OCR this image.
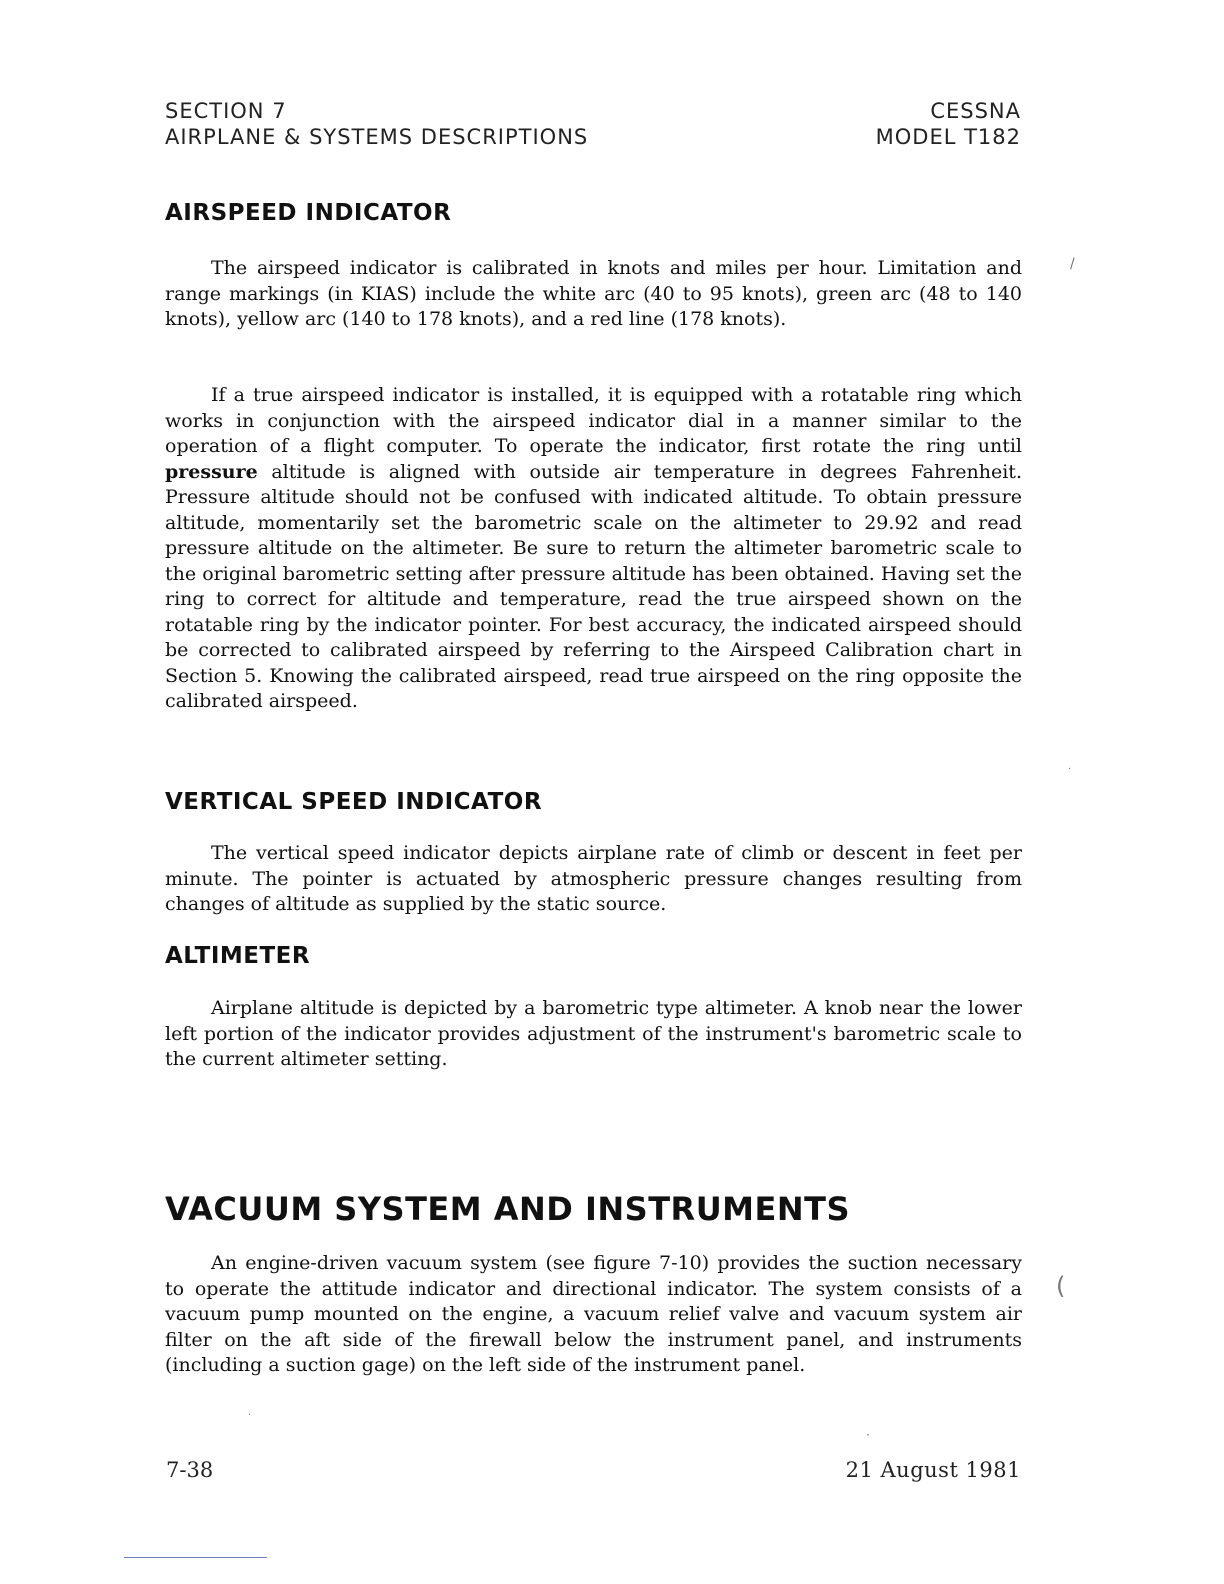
SECTION 7
AIRPLANE & SYSTEMS DESCRIPTIONS
CESSNA
MODEL T182
AIRSPEED INDICATOR

The airspeed indicator is calibrated in knots and miles per hour. Limitation and range markings (in KIAS) include the white arc (40 to 95 knots), green arc (48 to 140 knots), yellow arc (140 to 178 knots), and a red line (178 knots).

If a true airspeed indicator is installed, it is equipped with a rotatable ring which works in conjunction with the airspeed indicator dial in a manner similar to the operation of a flight computer. To operate the indicator, first rotate the ring until pressure altitude is aligned with outside air temperature in degrees Fahrenheit. Pressure altitude should not be confused with indicated altitude. To obtain pressure altitude, momentarily set the barometric scale on the altimeter to 29.92 and read pressure altitude on the altimeter. Be sure to return the altimeter barometric scale to the original barometric setting after pressure altitude has been obtained. Having set the ring to correct for altitude and temperature, read the true airspeed shown on the rotatable ring by the indicator pointer. For best accuracy, the indicated airspeed should be corrected to calibrated airspeed by referring to the Airspeed Calibration chart in Section 5. Knowing the calibrated airspeed, read true airspeed on the ring opposite the calibrated airspeed.

VERTICAL SPEED INDICATOR

The vertical speed indicator depicts airplane rate of climb or descent in feet per minute. The pointer is actuated by atmospheric pressure changes resulting from changes of altitude as supplied by the static source.

ALTIMETER

Airplane altitude is depicted by a barometric type altimeter. A knob near the lower left portion of the indicator provides adjustment of the instrument's barometric scale to the current altimeter setting.

VACUUM SYSTEM AND INSTRUMENTS

An engine-driven vacuum system (see figure 7-10) provides the suction necessary to operate the attitude indicator and directional indicator. The system consists of a vacuum pump mounted on the engine, a vacuum relief valve and vacuum system air filter on the aft side of the firewall below the instrument panel, and instruments (including a suction gage) on the left side of the instrument panel.

7-38	21 August 1981
/
·
(
·
·
